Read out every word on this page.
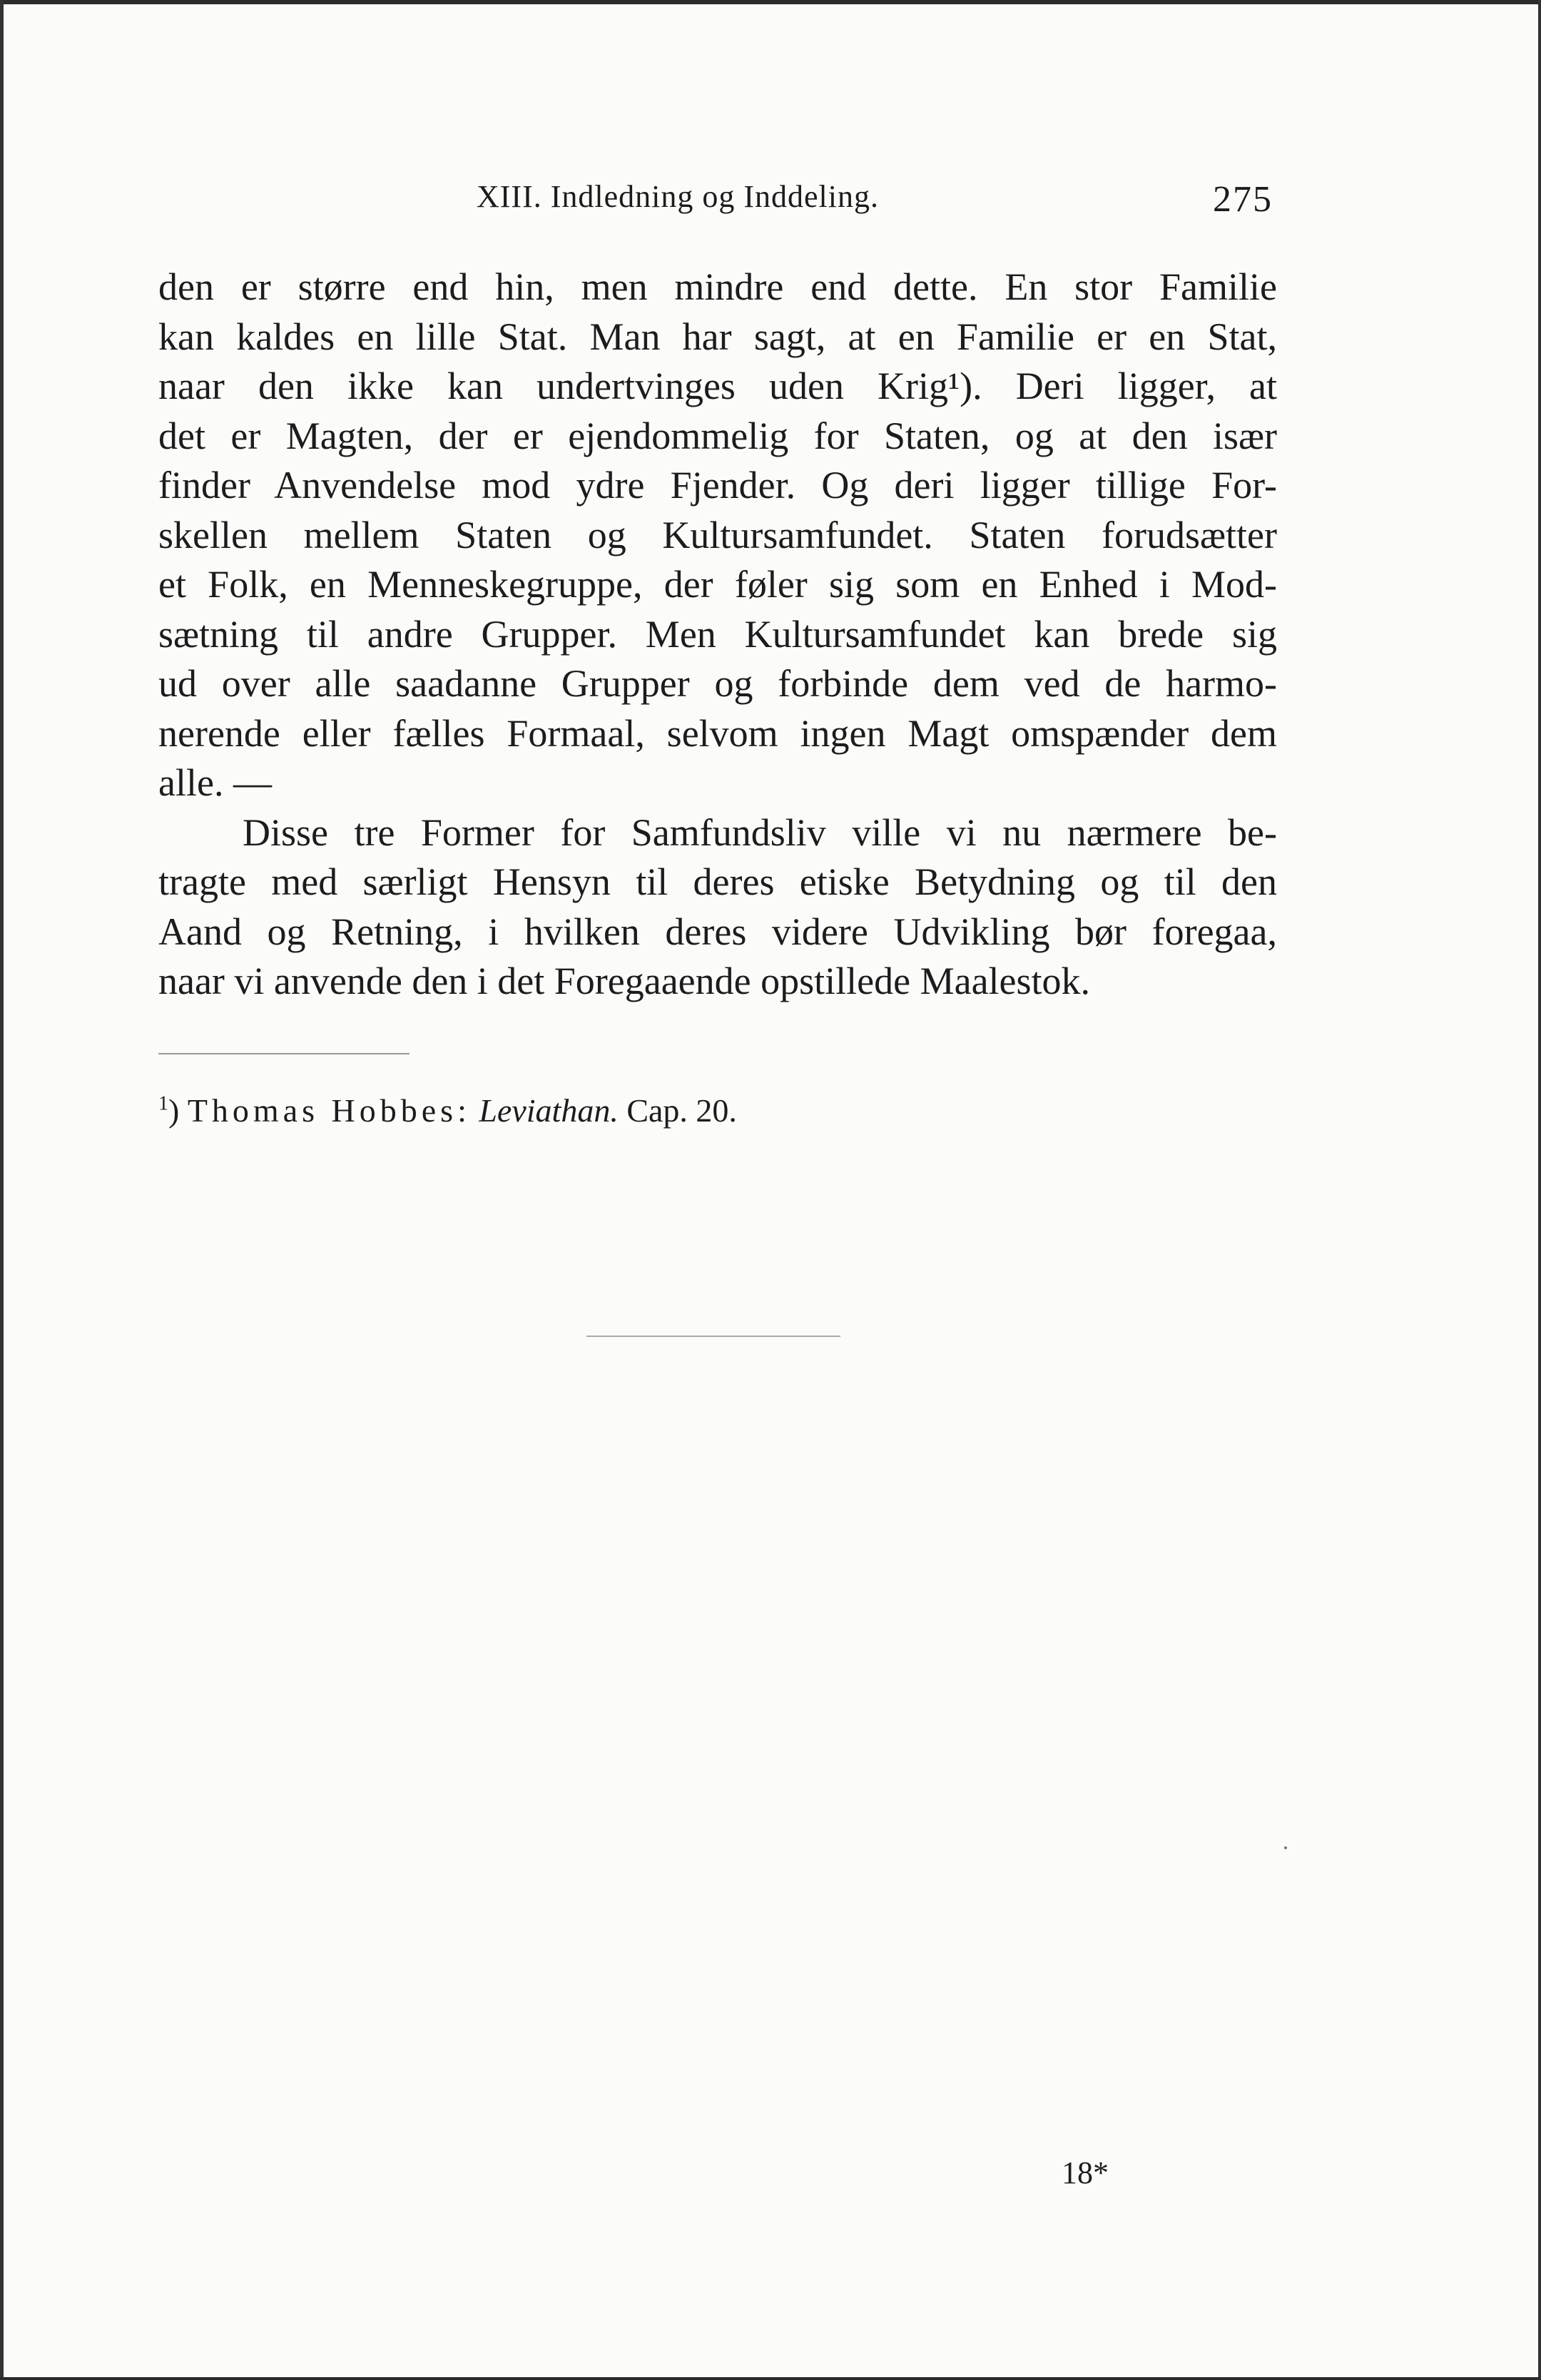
XIII. Indledning og Inddeling.	275
den er større end hin, men mindre end dette. En stor Familie
kan kaldes en lille Stat. Man har sagt, at en Familie er en Stat,
naar den ikke kan undertvinges uden Krig¹). Deri ligger, at
det er Magten, der er ejendommelig for Staten, og at den især
finder Anvendelse mod ydre Fjender. Og deri ligger tillige For-
skellen mellem Staten og Kultursamfundet. Staten forudsætter
et Folk, en Menneskegruppe, der føler sig som en Enhed i Mod-
sætning til andre Grupper. Men Kultursamfundet kan brede sig
ud over alle saadanne Grupper og forbinde dem ved de harmo-
nerende eller fælles Formaal, selvom ingen Magt omspænder dem
alle. —
Disse tre Former for Samfundsliv ville vi nu nærmere be-
tragte med særligt Hensyn til deres etiske Betydning og til den
Aand og Retning, i hvilken deres videre Udvikling bør foregaa,
naar vi anvende den i det Foregaaende opstillede Maalestok.
$^1$) Thomas Hobbes: Leviathan. Cap. 20.
18*
